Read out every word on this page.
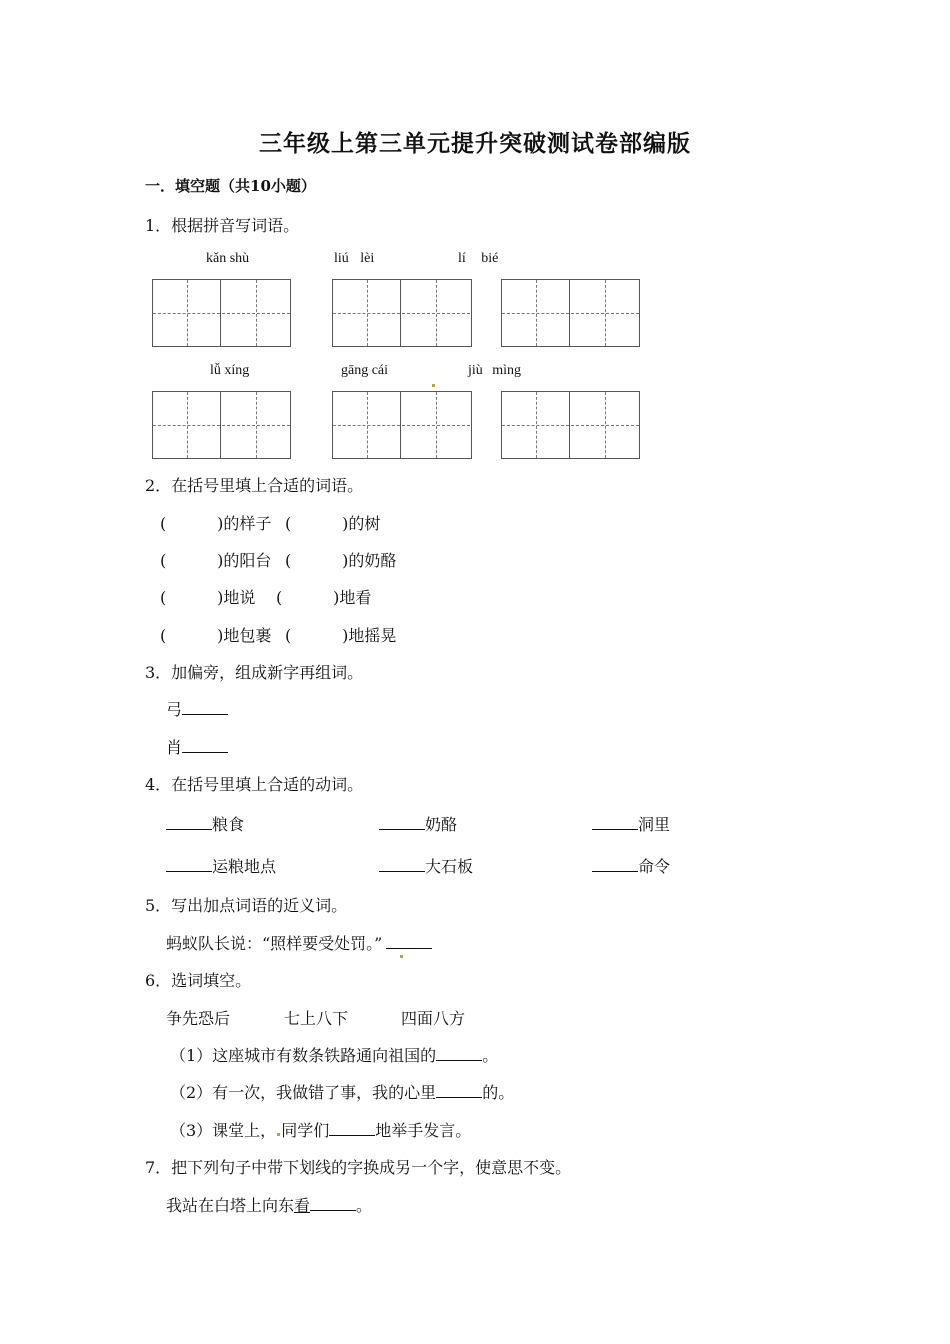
三年级上第三单元提升突破测试卷部编版
一．填空题（共10小题）
1．根据拼音写词语。
kǎn shù	liú lèi	lí bié
lǚ xíng	gāng cái	jiù mìng
2．在括号里填上合适的词语。
(          )的样子 (          )的树
(          )的阳台 (          )的奶酪
(          )地说 (          )地看
(          )地包裹 (          )地摇晃
3．加偏旁，组成新字再组词。
弓
肖
4．在括号里填上合适的动词。
粮食	奶酪	洞里
运粮地点	大石板	命令
5．写出加点词语的近义词。
蚂蚁队长说：“照样要受处罚。”
6．选词填空。
争先恐后	七上八下	四面八方
（1）这座城市有数条铁路通向祖国的	。
（2）有一次，我做错了事，我的心里	的。
（3）课堂上， 同学们	地举手发言。
7．把下列句子中带下划线的字换成另一个字，使意思不变。
我站在白塔上向东看	。
